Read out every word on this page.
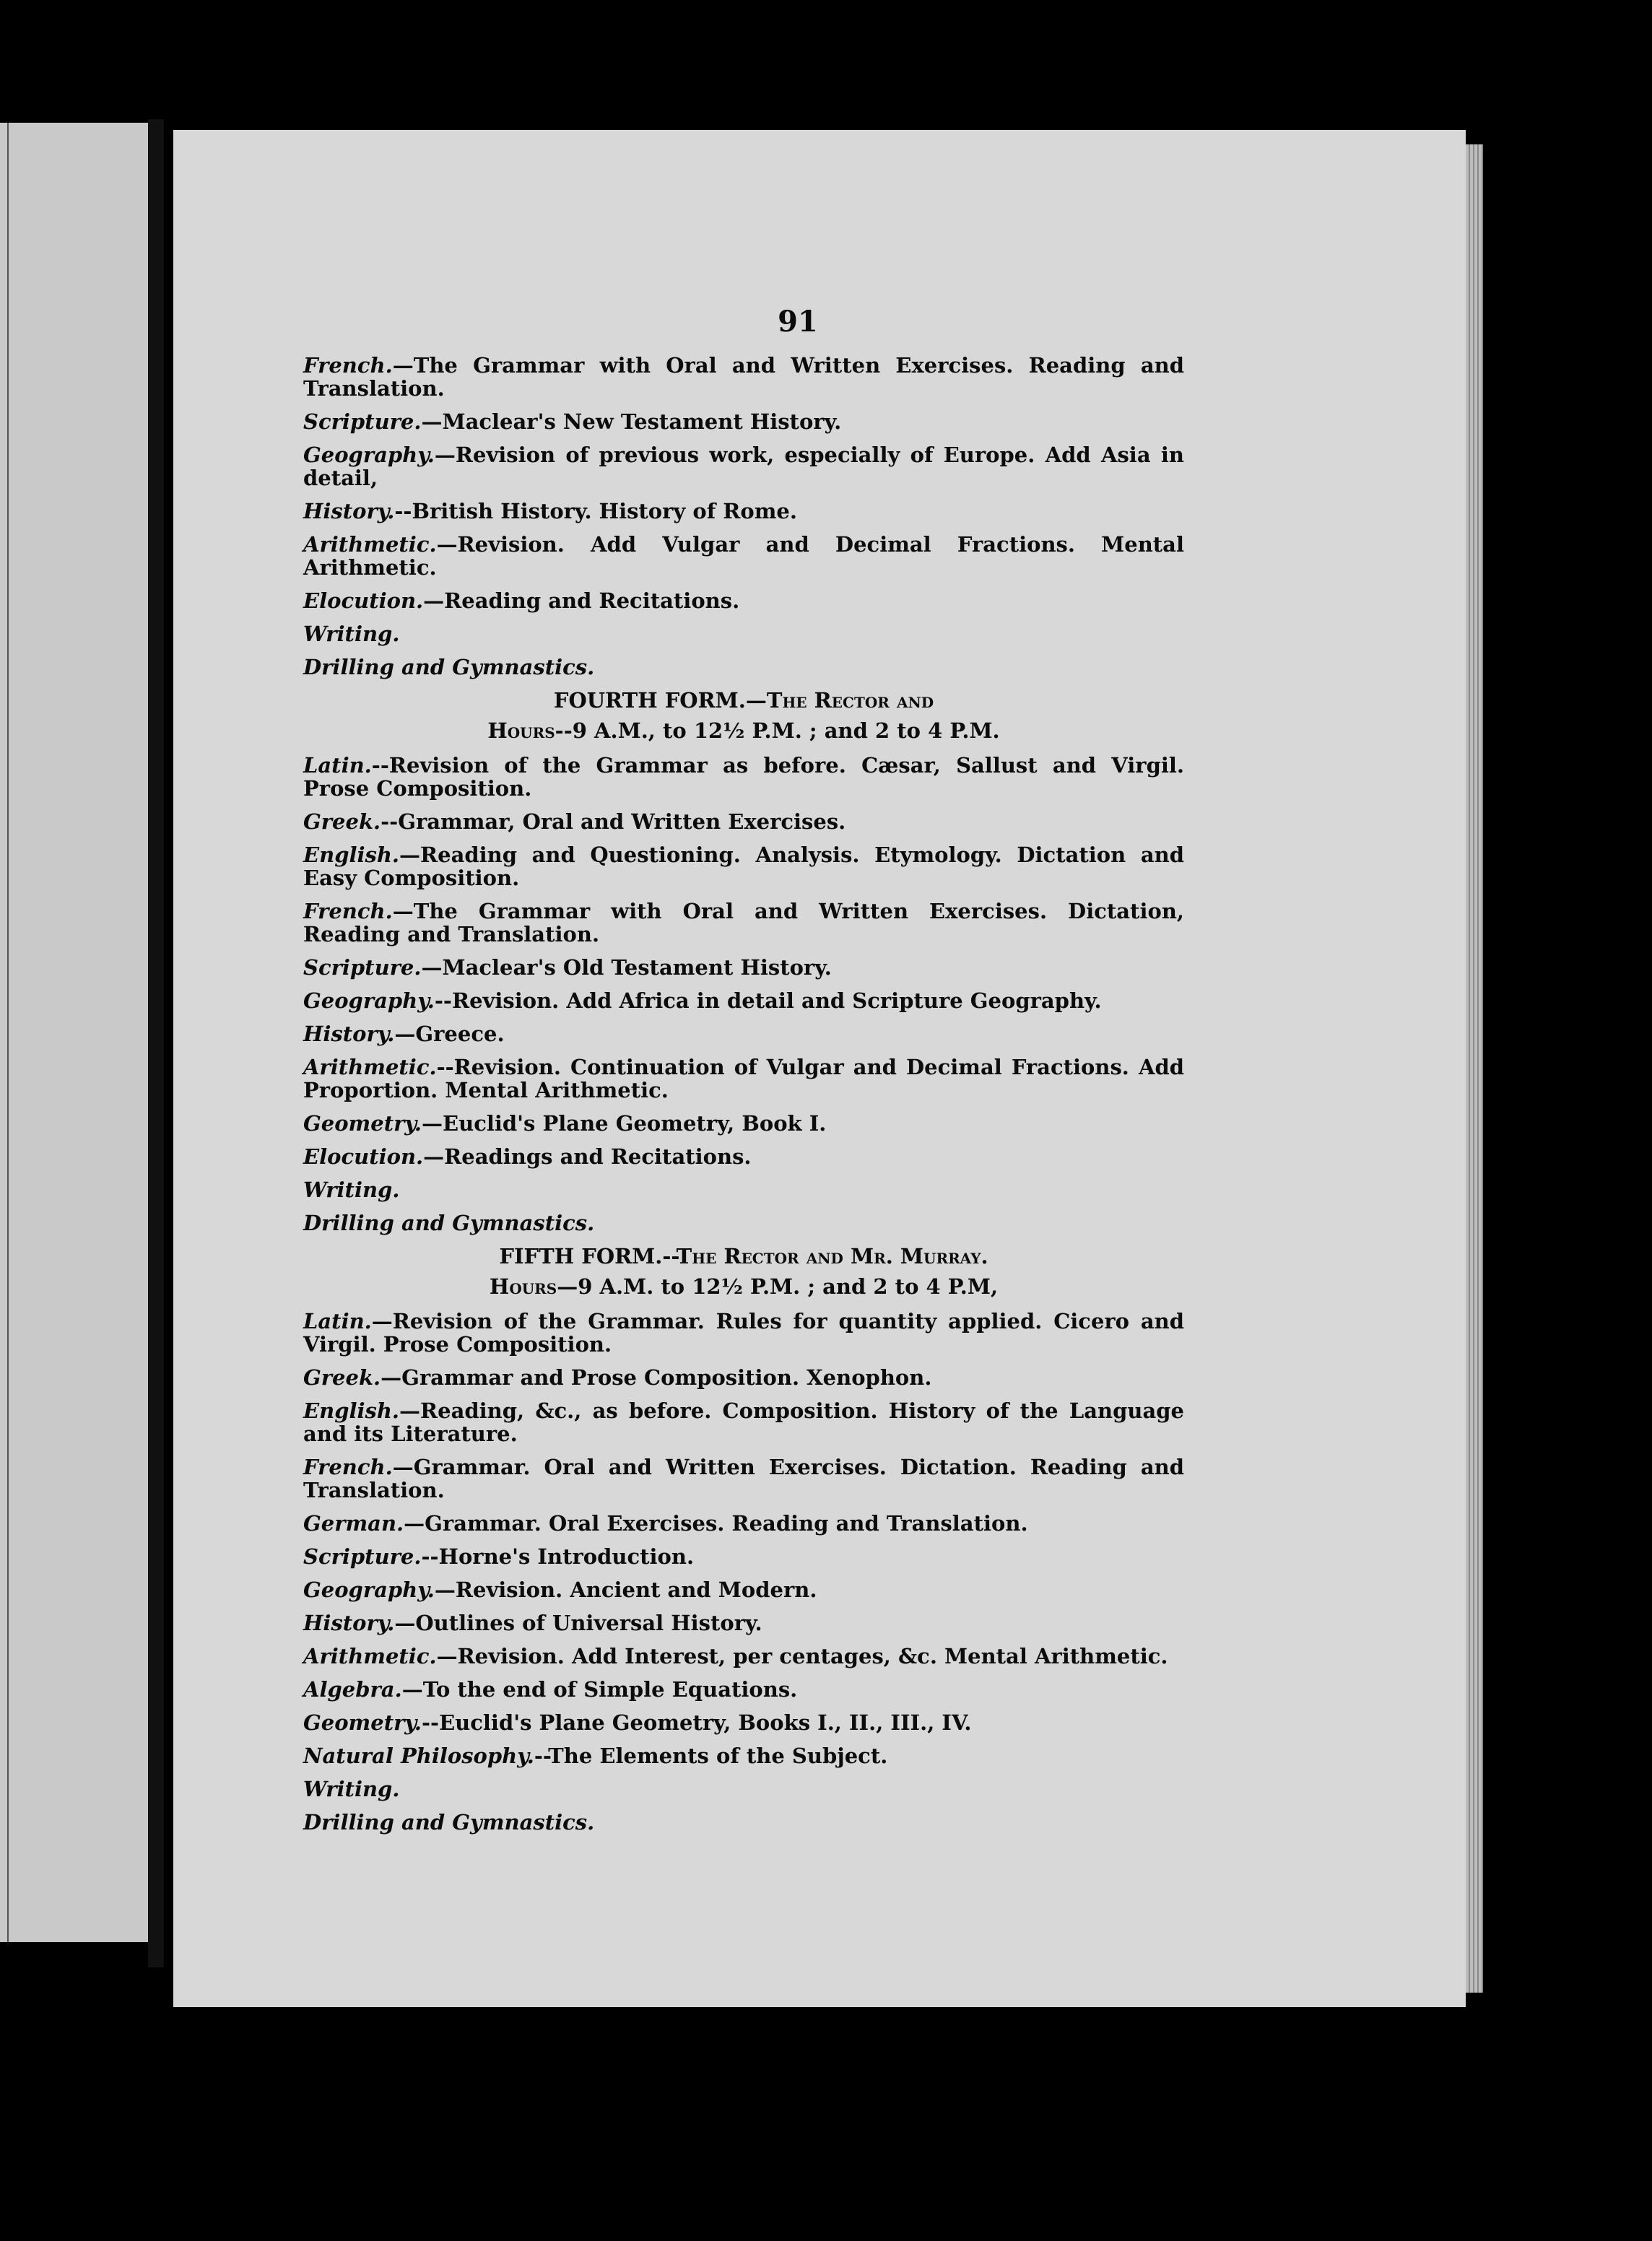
91
French.—The Grammar with Oral and Written Exercises. Reading and Translation.
Scripture.—Maclear's New Testament History.
Geography.—Revision of previous work, especially of Europe. Add Asia in detail,
History.--British History. History of Rome.
Arithmetic.—Revision. Add Vulgar and Decimal Fractions. Mental Arithmetic.
Elocution.—Reading and Recitations.
Writing.
Drilling and Gymnastics.
FOURTH FORM.—The Rector and
Hours--9 A.M., to 12½ P.M. ; and 2 to 4 P.M.
Latin.--Revision of the Grammar as before. Cæsar, Sallust and Virgil. Prose Composition.
Greek.--Grammar, Oral and Written Exercises.
English.—Reading and Questioning. Analysis. Etymology. Dictation and Easy Composition.
French.—The Grammar with Oral and Written Exercises. Dictation, Reading and Translation.
Scripture.—Maclear's Old Testament History.
Geography.--Revision. Add Africa in detail and Scripture Geography.
History.—Greece.
Arithmetic.--Revision. Continuation of Vulgar and Decimal Fractions. Add Proportion. Mental Arithmetic.
Geometry.—Euclid's Plane Geometry, Book I.
Elocution.—Readings and Recitations.
Writing.
Drilling and Gymnastics.
FIFTH FORM.--The Rector and Mr. Murray.
Hours—9 A.M. to 12½ P.M. ; and 2 to 4 P.M,
Latin.—Revision of the Grammar. Rules for quantity applied. Cicero and Virgil. Prose Composition.
Greek.—Grammar and Prose Composition. Xenophon.
English.—Reading, &c., as before. Composition. History of the Language and its Literature.
French.—Grammar. Oral and Written Exercises. Dictation. Reading and Translation.
German.—Grammar. Oral Exercises. Reading and Translation.
Scripture.--Horne's Introduction.
Geography.—Revision. Ancient and Modern.
History.—Outlines of Universal History.
Arithmetic.—Revision. Add Interest, per centages, &c. Mental Arithmetic.
Algebra.—To the end of Simple Equations.
Geometry.--Euclid's Plane Geometry, Books I., II., III., IV.
Natural Philosophy.--The Elements of the Subject.
Writing.
Drilling and Gymnastics.
